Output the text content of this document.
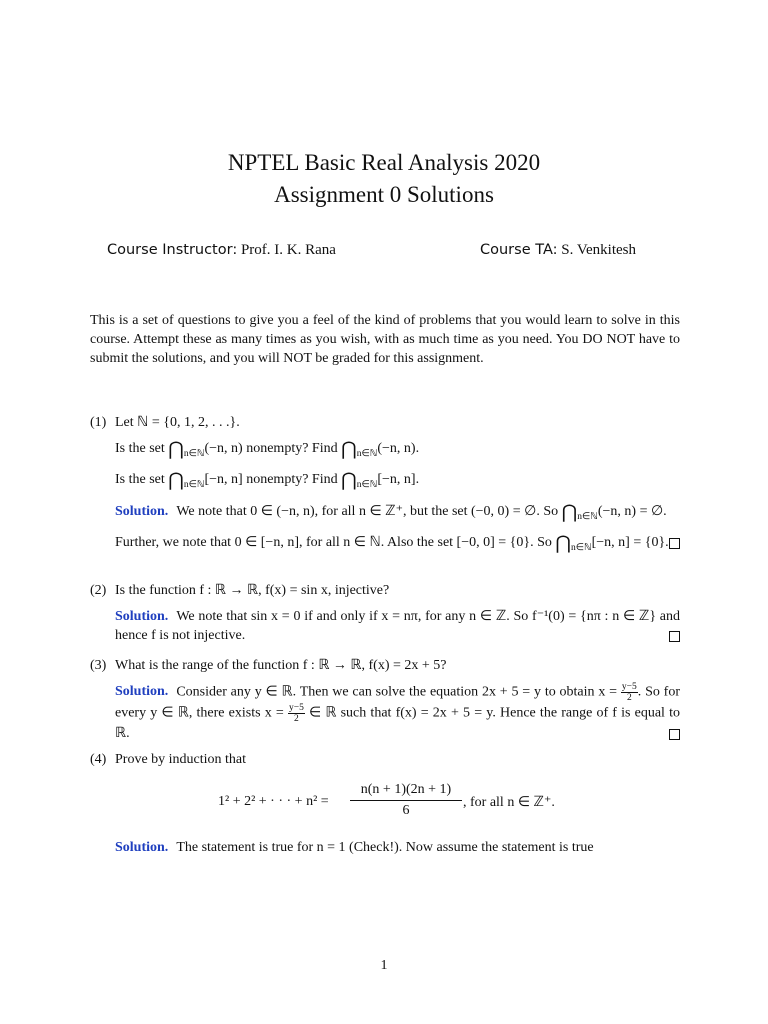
NPTEL Basic Real Analysis 2020
Assignment 0 Solutions
Course Instructor: Prof. I. K. Rana	Course TA: S. Venkitesh
This is a set of questions to give you a feel of the kind of problems that you would learn to solve in this course. Attempt these as many times as you wish, with as much time as you need. You DO NOT have to submit the solutions, and you will NOT be graded for this assignment.
(1) Let ℕ = {0, 1, 2, . . .}.

Is the set $⋂_{n\in ℕ}(-n$, n) nonempty? Find $⋂_{n\in ℕ}(-n$, n).

Is the set $⋂_{n\in ℕ}[-n$, n] nonempty? Find $⋂_{n\in ℕ}[-n$, n].

Solution. We note that 0 ∈ (−n, n), for all n ∈ ℤ⁺, but the set (−0, 0) = ∅. So $⋂_{n\in ℕ}(-n$, n) = ∅.

Further, we note that 0 ∈ [−n, n], for all n ∈ ℕ. Also the set [−0, 0] = {0}. So $⋂_{n\in ℕ}[-n$, n] = {0}.

(2) Is the function f : ℝ → ℝ, f(x) = sin x, injective?

Solution. We note that sin x = 0 if and only if x = nπ, for any n ∈ ℤ. So f⁻¹(0) = {nπ : n ∈ ℤ} and hence f is not injective.

(3) What is the range of the function f : ℝ → ℝ, f(x) = 2x + 5?

Solution. Consider any y ∈ ℝ. Then we can solve the equation 2x + 5 = y to obtain $x = \frac{y-5}{2}$ . So for every y ∈ ℝ, there exists $x = \frac{y-5}{2}$ ∈ ℝ such that f(x) = 2x + 5 = y. Hence the range of f is equal to ℝ.

(4) Prove by induction that

1² + 2² + · · · + $n^2 = \frac{n(n + 1)(2n + 1)}{6}$ , for all n ∈ ℤ⁺.
Solution. The statement is true for n = 1 (Check!). Now assume the statement is true
1
